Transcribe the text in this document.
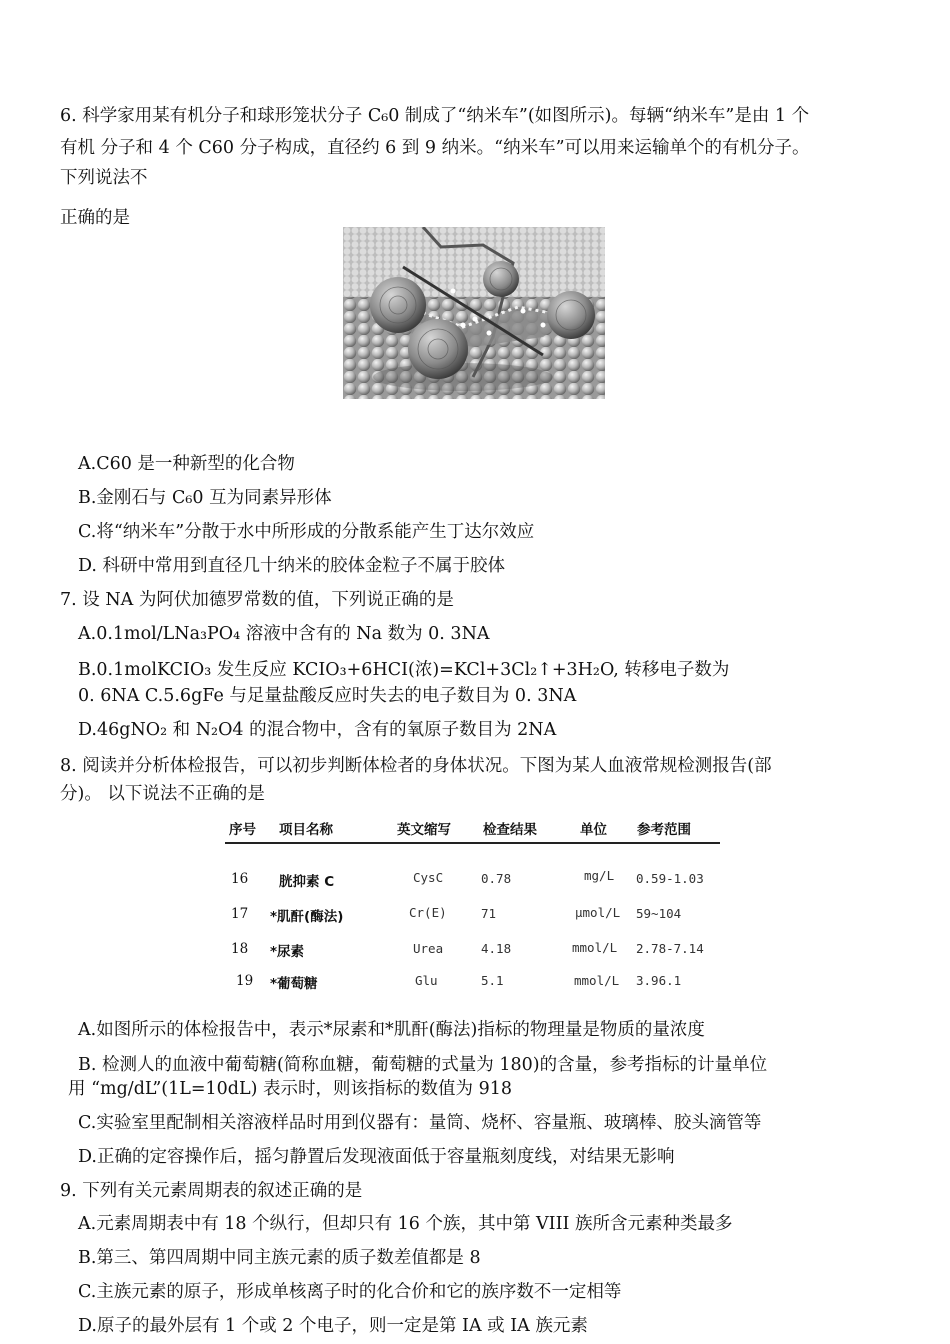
6. 科学家用某有机分子和球形笼状分子 C₆0 制成了“纳米车”(如图所示)。每辆“纳米车”是由 1 个
有机 分子和 4 个 C60 分子构成，直径约 6 到 9 纳米。“纳米车”可以用来运输单个的有机分子。
下列说法不
正确的是
A.C60 是一种新型的化合物
B.金刚石与 C₆0 互为同素异形体
C.将“纳米车”分散于水中所形成的分散系能产生丁达尔效应
D. 科研中常用到直径几十纳米的胶体金粒子不属于胶体
7. 设 NA 为阿伏加德罗常数的值，下列说正确的是
A.0.1mol/LNa₃PO₄ 溶液中含有的 Na 数为 0. 3NA
B.0.1molKCIO₃ 发生反应 KCIO₃+6HCI(浓)=KCl+3Cl₂↑+3H₂O, 转移电子数为
0. 6NA C.5.6gFe 与足量盐酸反应时失去的电子数目为 0. 3NA
D.46gNO₂ 和 N₂O4 的混合物中，含有的氧原子数目为 2NA
8. 阅读并分析体检报告，可以初步判断体检者的身体状况。下图为某人血液常规检测报告(部
分)。 以下说法不正确的是
序号 项目名称	英文缩写 检查结果	单位 参考范围
16 胱抑素 C	CysC	0.78	mg/L 0.59-1.03
17 *肌酐(酶法)	Cr(E)	71	μmol/L 59~104
18 *尿素	Urea	4.18	mmol/L 2.78-7.14
19 *葡萄糖	Glu	5.1	mmol/L 3.96.1
A.如图所示的体检报告中，表示*尿素和*肌酐(酶法)指标的物理量是物质的量浓度
B. 检测人的血液中葡萄糖(简称血糖，葡萄糖的式量为 180)的含量，参考指标的计量单位
用 “mg/dL”(1L=10dL) 表示时，则该指标的数值为 918
C.实验室里配制相关溶液样品时用到仪器有：量筒、烧杯、容量瓶、玻璃棒、胶头滴管等
D.正确的定容操作后，摇匀静置后发现液面低于容量瓶刻度线，对结果无影响
9. 下列有关元素周期表的叙述正确的是
A.元素周期表中有 18 个纵行，但却只有 16 个族，其中第 VIII 族所含元素种类最多
B.第三、第四周期中同主族元素的质子数差值都是 8
C.主族元素的原子，形成单核离子时的化合价和它的族序数不一定相等
D.原子的最外层有 1 个或 2 个电子，则一定是第 IA 或 IA 族元素
